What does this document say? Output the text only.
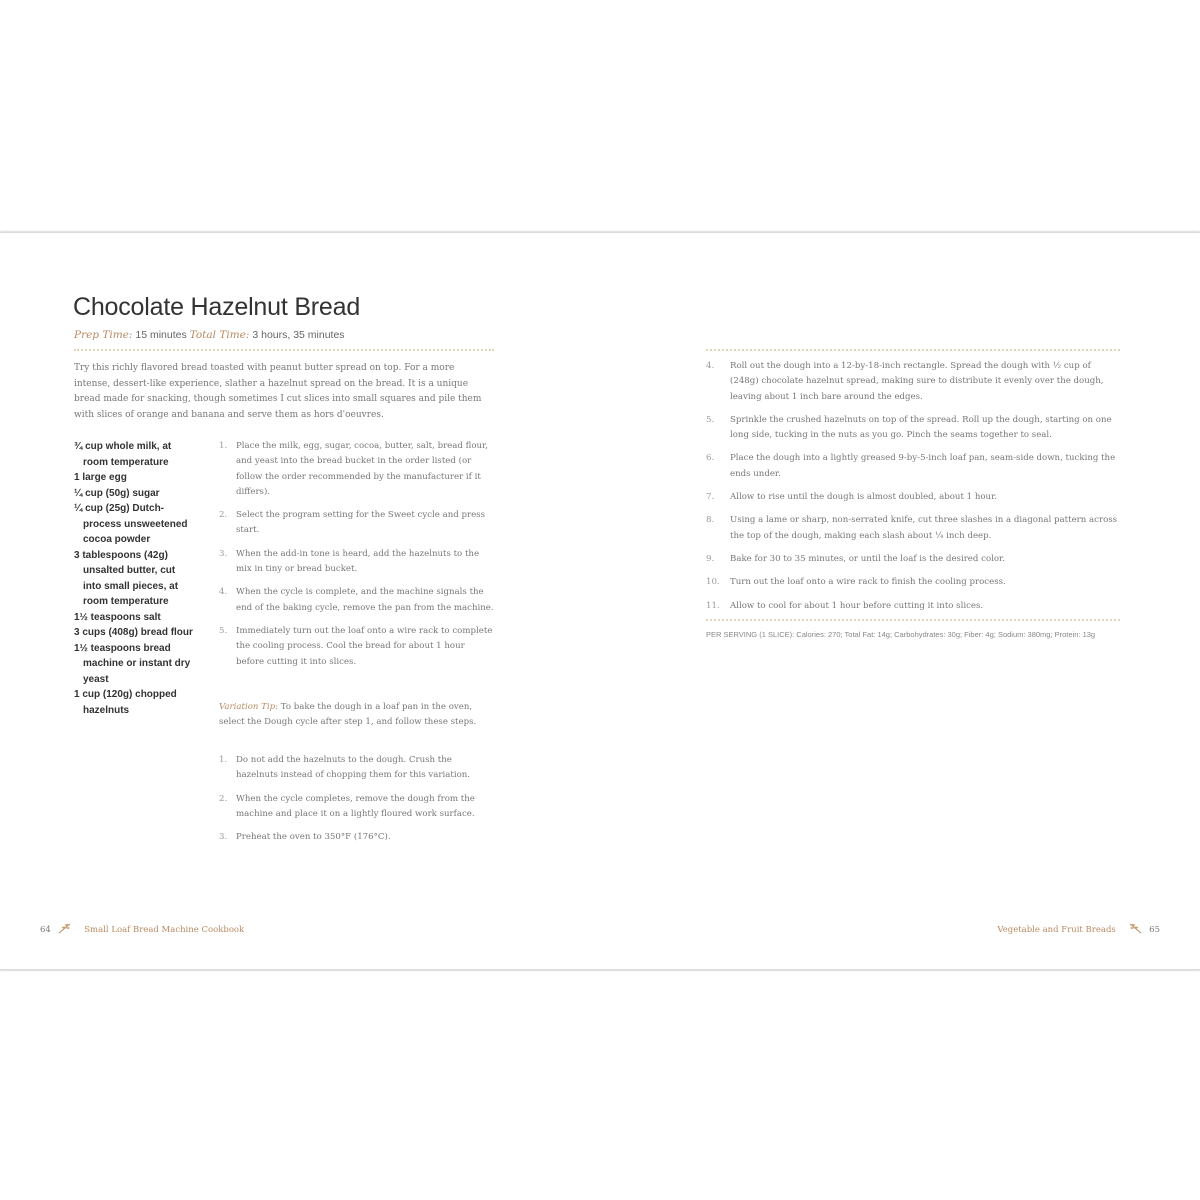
Chocolate Hazelnut Bread
Prep Time: 15 minutes Total Time: 3 hours, 35 minutes

Try this richly flavored bread toasted with peanut butter spread on top. For a more intense, dessert-like experience, slather a hazelnut spread on the bread. It is a unique bread made for snacking, though sometimes I cut slices into small squares and pile them with slices of orange and banana and serve them as hors d'oeuvres.

¾ cup whole milk, at room temperature
1 large egg
¼ cup (50g) sugar
¼ cup (25g) Dutch-process unsweetened cocoa powder
3 tablespoons (42g) unsalted butter, cut into small pieces, at room temperature
1½ teaspoons salt
3 cups (408g) bread flour
1½ teaspoons bread machine or instant dry yeast
1 cup (120g) chopped hazelnuts
1. Place the milk, egg, sugar, cocoa, butter, salt, bread flour, and yeast into the bread bucket in the order listed (or follow the order recommended by the manufacturer if it differs).
2. Select the program setting for the Sweet cycle and press start.
3. When the add-in tone is heard, add the hazelnuts to the mix in tiny or bread bucket.
4. When the cycle is complete, and the machine signals the end of the baking cycle, remove the pan from the machine.
5. Immediately turn out the loaf onto a wire rack to complete the cooling process. Cool the bread for about 1 hour before cutting it into slices.

Variation Tip: To bake the dough in a loaf pan in the oven, select the Dough cycle after step 1, and follow these steps.

1. Do not add the hazelnuts to the dough. Crush the hazelnuts instead of chopping them for this variation.
2. When the cycle completes, remove the dough from the machine and place it on a lightly floured work surface.
3. Preheat the oven to 350°F (176°C).
64	Small Loaf Bread Machine Cookbook
4. Roll out the dough into a 12-by-18-inch rectangle. Spread the dough with ½ cup of (248g) chocolate hazelnut spread, making sure to distribute it evenly over the dough, leaving about 1 inch bare around the edges.
5. Sprinkle the crushed hazelnuts on top of the spread. Roll up the dough, starting on one long side, tucking in the nuts as you go. Pinch the seams together to seal.
6. Place the dough into a lightly greased 9-by-5-inch loaf pan, seam-side down, tucking the ends under.
7. Allow to rise until the dough is almost doubled, about 1 hour.
8. Using a lame or sharp, non-serrated knife, cut three slashes in a diagonal pattern across the top of the dough, making each slash about ¼ inch deep.
9. Bake for 30 to 35 minutes, or until the loaf is the desired color.
10. Turn out the loaf onto a wire rack to finish the cooling process.
11. Allow to cool for about 1 hour before cutting it into slices.

PER SERVING (1 SLICE): Calories: 270; Total Fat: 14g; Carbohydrates: 30g; Fiber: 4g; Sodium: 380mg; Protein: 13g

Vegetable and Fruit Breads	65
